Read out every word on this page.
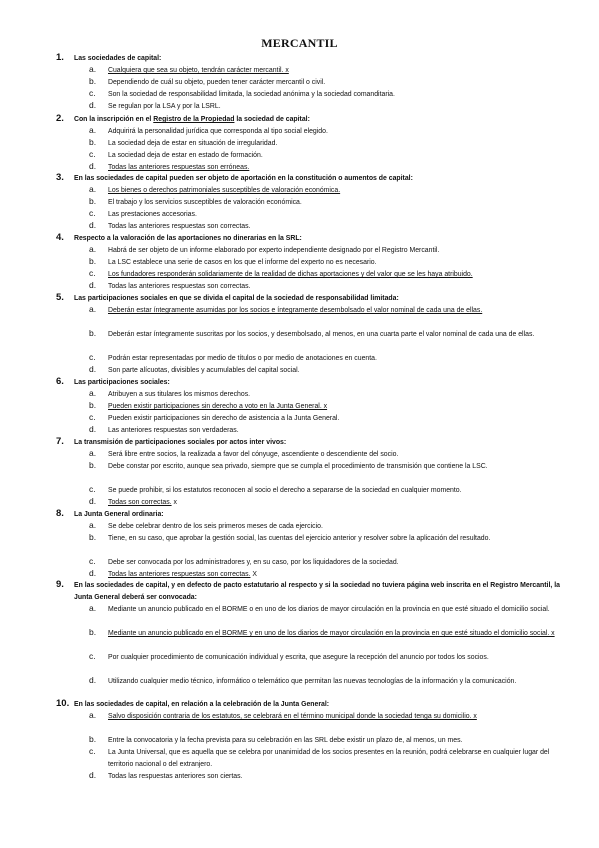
MERCANTIL
1. Las sociedades de capital:
a. Cualquiera que sea su objeto, tendrán carácter mercantil. x
b. Dependiendo de cuál su objeto, pueden tener carácter mercantil o civil.
c. Son la sociedad de responsabilidad limitada, la sociedad anónima y la sociedad comanditaria.
d. Se regulan por la LSA y por la LSRL.
2. Con la inscripción en el Registro de la Propiedad la sociedad de capital:
a. Adquirirá la personalidad jurídica que corresponda al tipo social elegido.
b. La sociedad deja de estar en situación de irregularidad.
c. La sociedad deja de estar en estado de formación.
d. Todas las anteriores respuestas son erróneas.
3. En las sociedades de capital pueden ser objeto de aportación en la constitución o aumentos de capital:
a. Los bienes o derechos patrimoniales susceptibles de valoración económica.
b. El trabajo y los servicios susceptibles de valoración económica.
c. Las prestaciones accesorias.
d. Todas las anteriores respuestas son correctas.
4. Respecto a la valoración de las aportaciones no dinerarias en la SRL:
a. Habrá de ser objeto de un informe elaborado por experto independiente designado por el Registro Mercantil.
b. La LSC establece una serie de casos en los que el informe del experto no es necesario.
c. Los fundadores responderán solidariamente de la realidad de dichas aportaciones y del valor que se les haya atribuido.
d. Todas las anteriores respuestas son correctas.
5. Las participaciones sociales en que se divida el capital de la sociedad de responsabilidad limitada:
a. Deberán estar íntegramente asumidas por los socios e íntegramente desembolsado el valor nominal de cada una de ellas.
b. Deberán estar íntegramente suscritas por los socios, y desembolsado, al menos, en una cuarta parte el valor nominal de cada una de ellas.
c. Podrán estar representadas por medio de títulos o por medio de anotaciones en cuenta.
d. Son parte alícuotas, divisibles y acumulables del capital social.
6. Las participaciones sociales:
a. Atribuyen a sus titulares los mismos derechos.
b. Pueden existir participaciones sin derecho a voto en la Junta General. x
c. Pueden existir participaciones sin derecho de asistencia a la Junta General.
d. Las anteriores respuestas son verdaderas.
7. La transmisión de participaciones sociales por actos inter vivos:
a. Será libre entre socios, la realizada a favor del cónyuge, ascendiente o descendiente del socio.
b. Debe constar por escrito, aunque sea privado, siempre que se cumpla el procedimiento de transmisión que contiene la LSC.
c. Se puede prohibir, si los estatutos reconocen al socio el derecho a separarse de la sociedad en cualquier momento.
d. Todas son correctas. x
8. La Junta General ordinaria:
a. Se debe celebrar dentro de los seis primeros meses de cada ejercicio.
b. Tiene, en su caso, que aprobar la gestión social, las cuentas del ejercicio anterior y resolver sobre la aplicación del resultado.
c. Debe ser convocada por los administradores y, en su caso, por los liquidadores de la sociedad.
d. Todas las anteriores respuestas son correctas. X
9. En las sociedades de capital, y en defecto de pacto estatutario al respecto y si la sociedad no tuviera página web inscrita en el Registro Mercantil, la Junta General deberá ser convocada:
a. Mediante un anuncio publicado en el BORME o en uno de los diarios de mayor circulación en la provincia en que esté situado el domicilio social.
b. Mediante un anuncio publicado en el BORME y en uno de los diarios de mayor circulación en la provincia en que esté situado el domicilio social. x
c. Por cualquier procedimiento de comunicación individual y escrita, que asegure la recepción del anuncio por todos los socios.
d. Utilizando cualquier medio técnico, informático o telemático que permitan las nuevas tecnologías de la información y la comunicación.
10. En las sociedades de capital, en relación a la celebración de la Junta General:
a. Salvo disposición contraria de los estatutos, se celebrará en el término municipal donde la sociedad tenga su domicilio. x
b. Entre la convocatoria y la fecha prevista para su celebración en las SRL debe existir un plazo de, al menos, un mes.
c. La Junta Universal, que es aquella que se celebra por unanimidad de los socios presentes en la reunión, podrá celebrarse en cualquier lugar del territorio nacional o del extranjero.
d. Todas las respuestas anteriores son ciertas.
